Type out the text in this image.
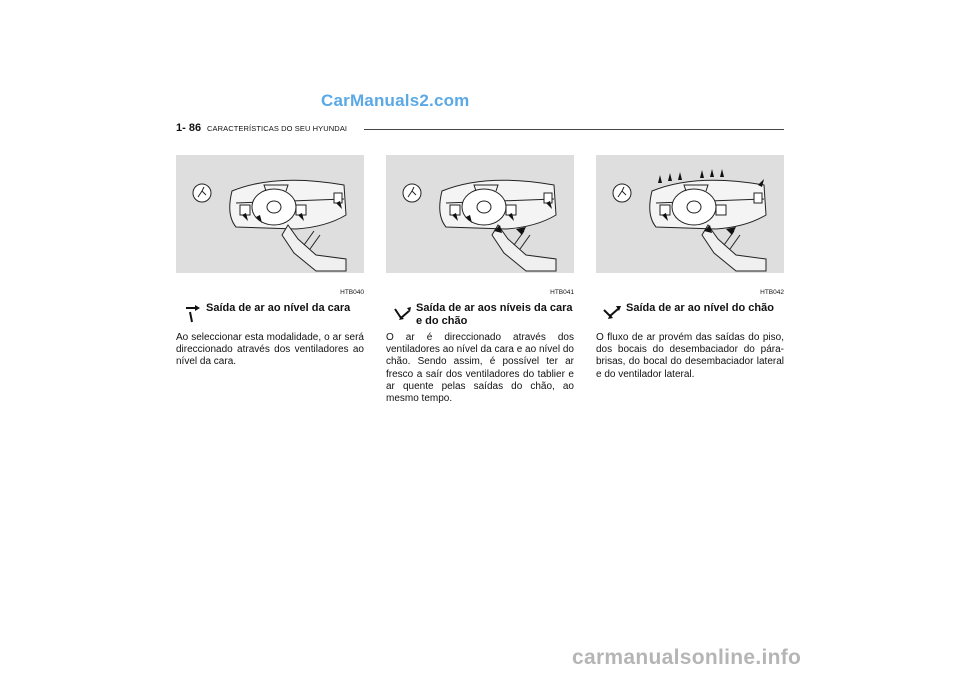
CarManuals2.com
1- 86 CARACTERÍSTICAS DO SEU HYUNDAI
HTB040
Saída de ar ao nível da cara
Ao seleccionar esta modalidade, o ar será direccionado através dos ventiladores ao nível da cara.
HTB041
Saída de ar aos níveis da cara e do chão
O ar é direccionado através dos ventiladores ao nível da cara e ao nível do chão. Sendo assim, é possível ter ar fresco a saír dos ventiladores do tablier e ar quente pelas saídas do chão, ao mesmo tempo.
HTB042
Saída de ar ao nível do chão
O fluxo de ar provém das saídas do piso, dos bocais do desembaciador do pára-brisas, do bocal do desembaciador lateral e do ventilador lateral.
carmanualsonline.info
